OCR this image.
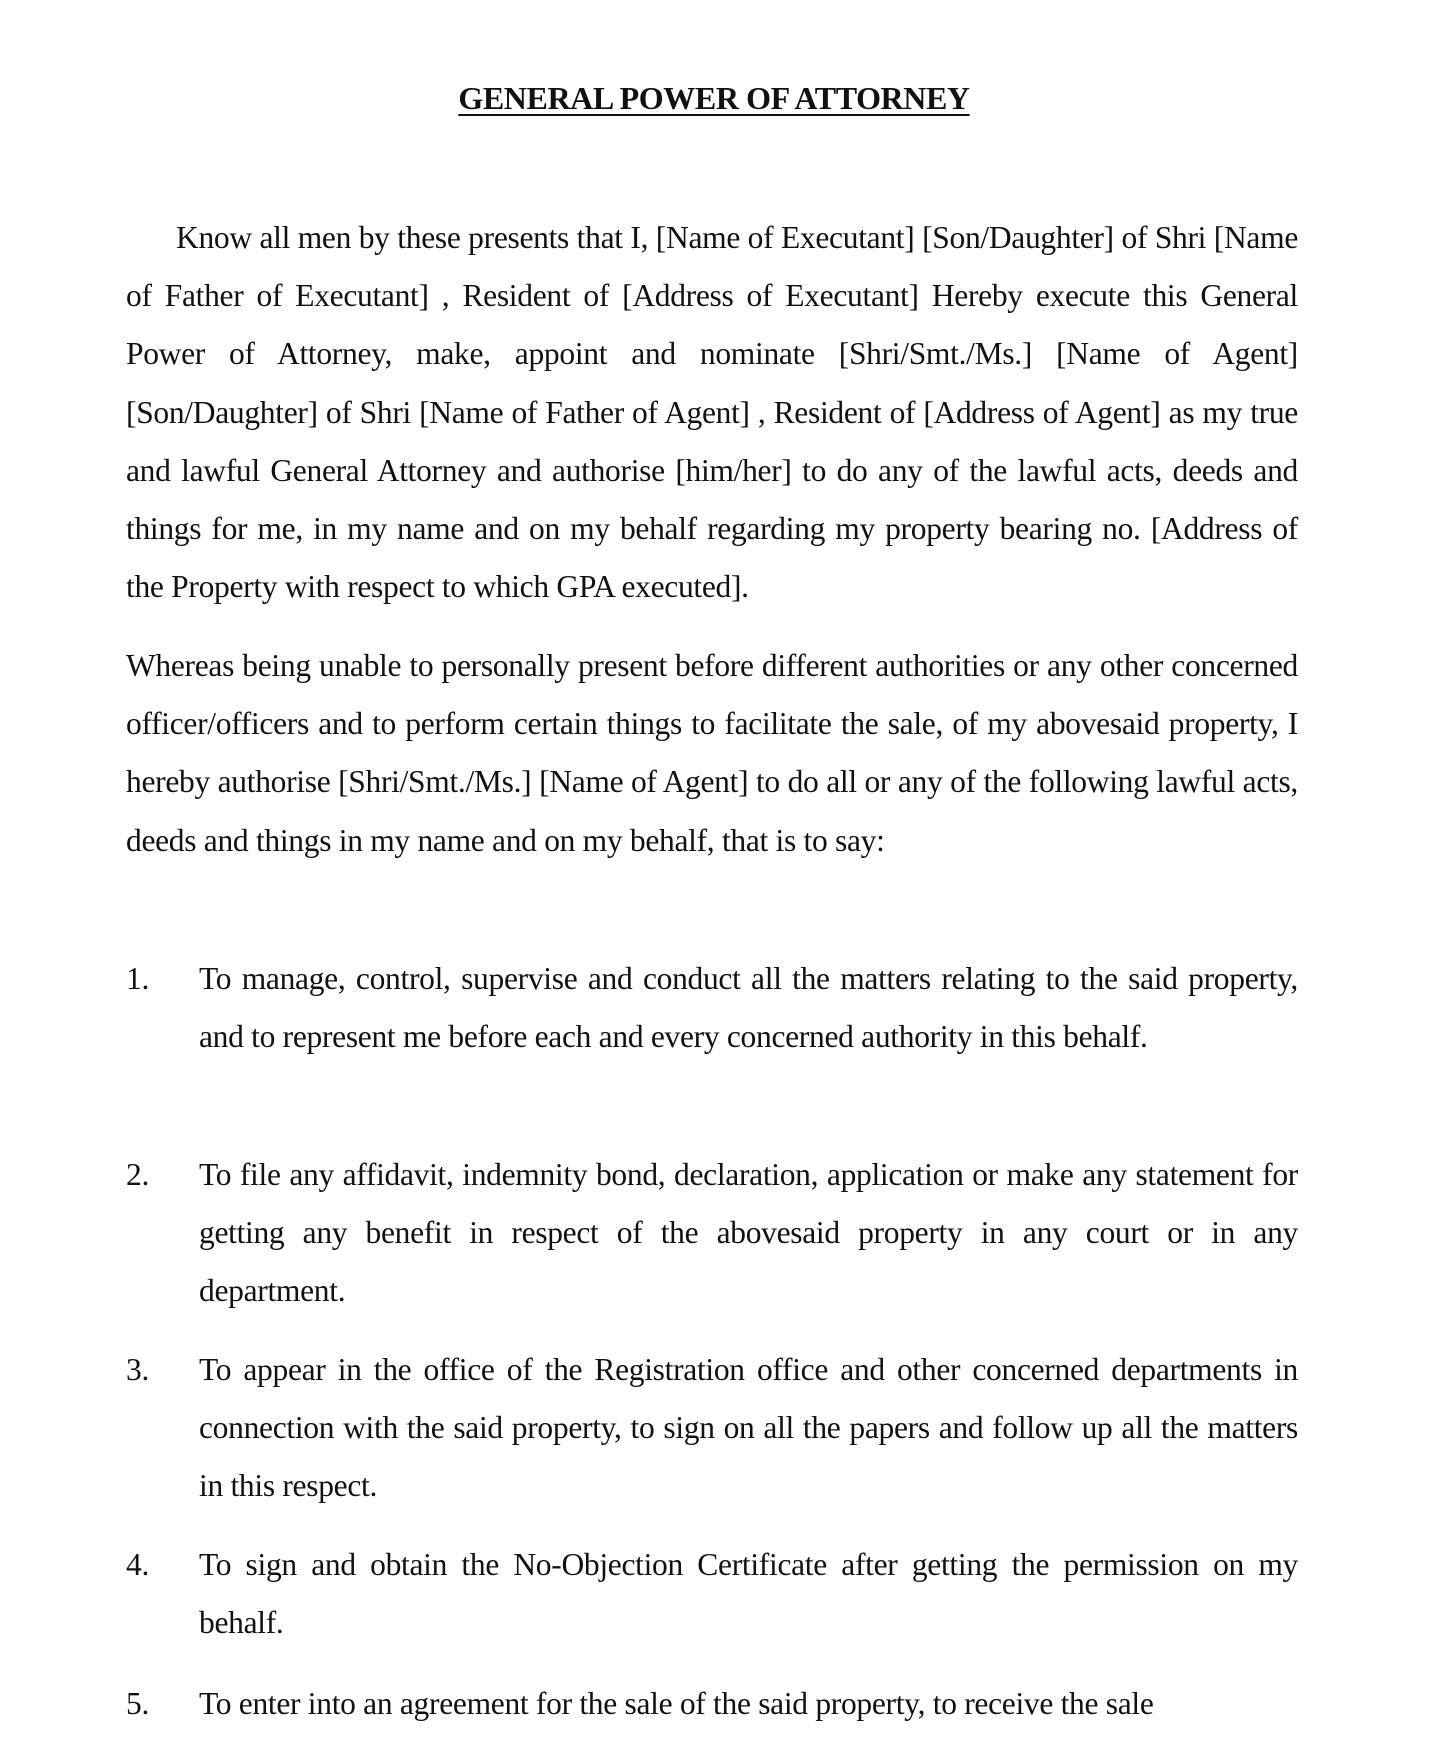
GENERAL POWER OF ATTORNEY

Know all men by these presents that I, [Name of Executant] [Son/Daughter] of Shri [Name of Father of Executant] , Resident of [Address of Executant] Hereby execute this General Power of Attorney, make, appoint and nominate [Shri/Smt./Ms.] [Name of Agent] [Son/Daughter] of Shri [Name of Father of Agent] , Resident of [Address of Agent] as my true and lawful General Attorney and authorise [him/her] to do any of the lawful acts, deeds and things for me, in my name and on my behalf regarding my property bearing no. [Address of the Property with respect to which GPA executed].

Whereas being unable to personally present before different authorities or any other concerned officer/officers and to perform certain things to facilitate the sale, of my abovesaid property, I hereby authorise [Shri/Smt./Ms.] [Name of Agent] to do all or any of the following lawful acts, deeds and things in my name and on my behalf, that is to say:

1.	To manage, control, supervise and conduct all the matters relating to the said property, and to represent me before each and every concerned authority in this behalf.
2.	To file any affidavit, indemnity bond, declaration, application or make any statement for getting any benefit in respect of the abovesaid property in any court or in any department.
3.	To appear in the office of the Registration office and other concerned departments in connection with the said property, to sign on all the papers and follow up all the matters in this respect.
4.	To sign and obtain the No-Objection Certificate after getting the permission on my behalf.
5.	To enter into an agreement for the sale of the said property, to receive the sale
